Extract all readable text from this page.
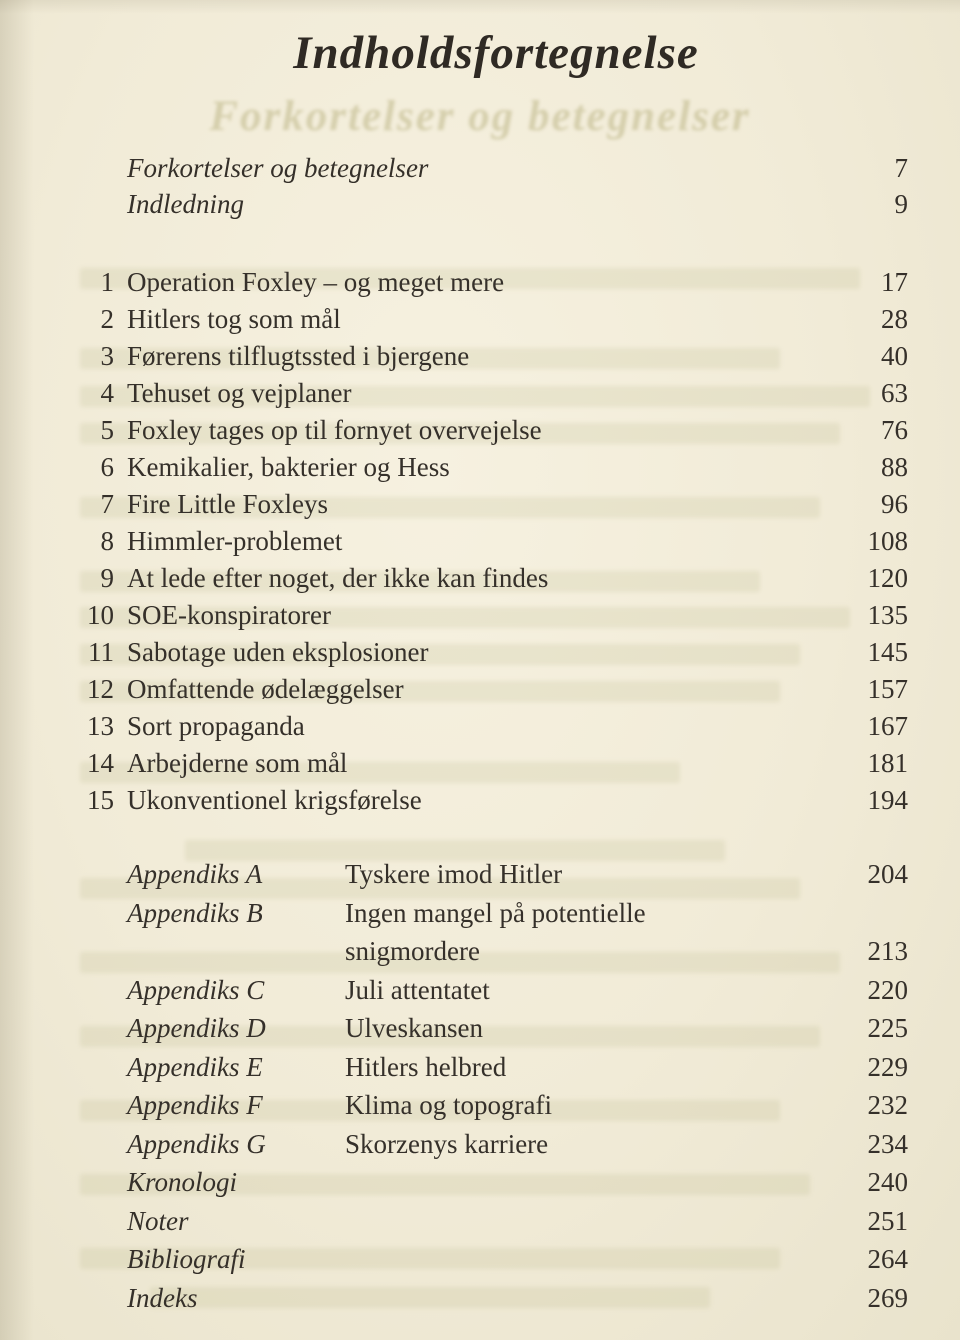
Forkortelser og betegnelser
Indholdsfortegnelse
Forkortelser og betegnelser	7
Indledning	9
1 Operation Foxley – og meget mere	17
2 Hitlers tog som mål	28
3 Førerens tilflugtssted i bjergene	40
4 Tehuset og vejplaner	63
5 Foxley tages op til fornyet overvejelse	76
6 Kemikalier, bakterier og Hess	88
7 Fire Little Foxleys	96
8 Himmler-problemet	108
9 At lede efter noget, der ikke kan findes	120
10 SOE-konspiratorer	135
11 Sabotage uden eksplosioner	145
12 Omfattende ødelæggelser	157
13 Sort propaganda	167
14 Arbejderne som mål	181
15 Ukonventionel krigsførelse	194
Appendiks A	Tyskere imod Hitler	204
Appendiks B	Ingen mangel på potentielle
snigmordere	213
Appendiks C	Juli attentatet	220
Appendiks D	Ulveskansen	225
Appendiks E	Hitlers helbred	229
Appendiks F	Klima og topografi	232
Appendiks G	Skorzenys karriere	234
Kronologi	240
Noter	251
Bibliografi	264
Indeks	269
